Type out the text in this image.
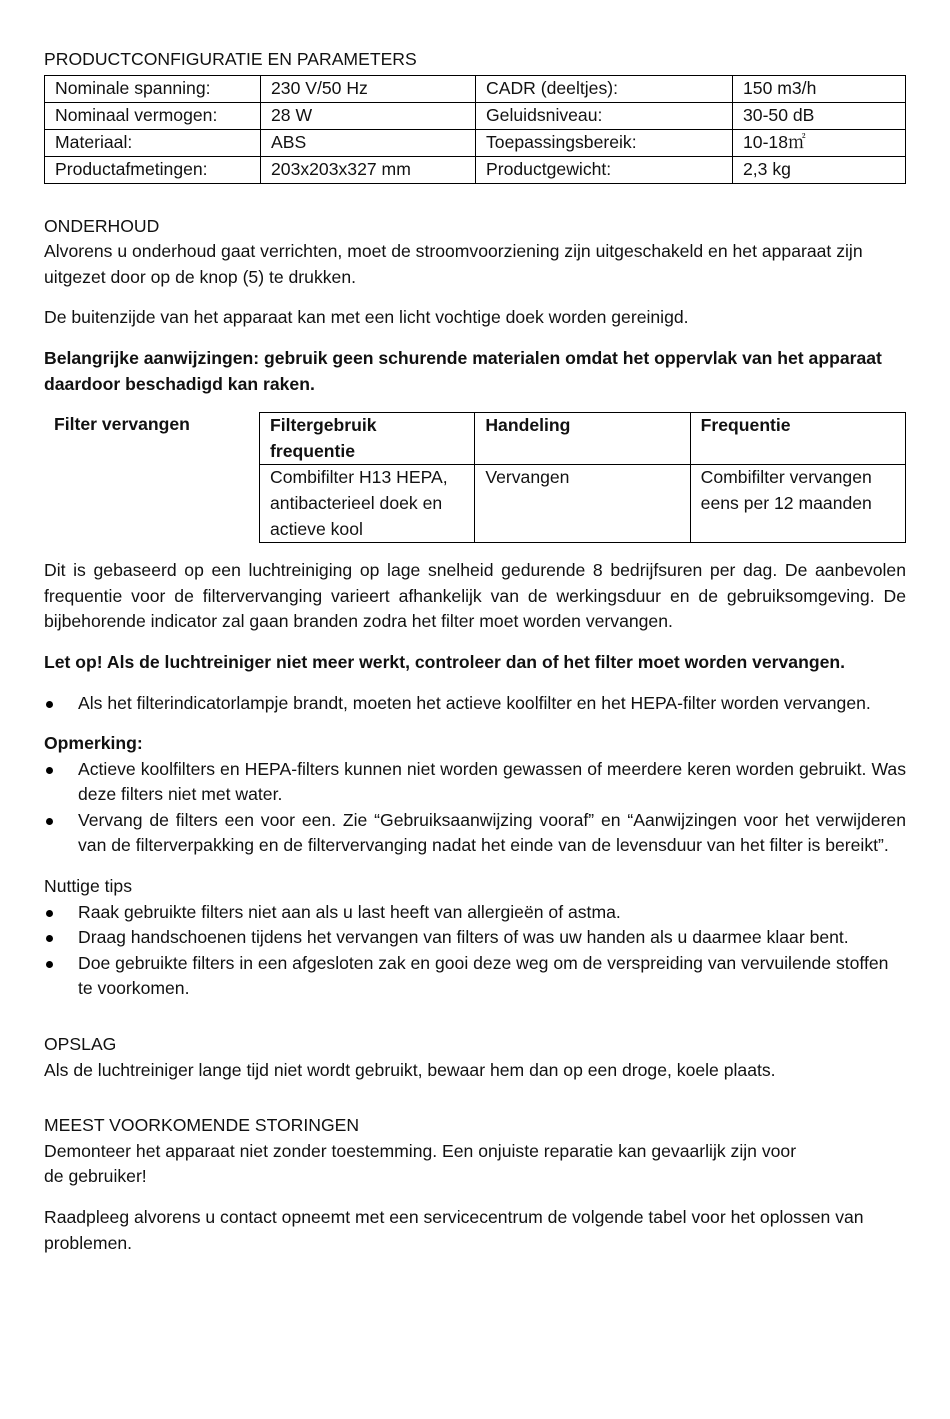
PRODUCTCONFIGURATIE EN PARAMETERS

Nominale spanning:	230 V/50 Hz	CADR (deeltjes):	150 m3/h
Nominaal vermogen:	28 W	Geluidsniveau:	30-50 dB
Materiaal:	ABS	Toepassingsbereik:	10-18㎡
Productafmetingen:	203x203x327 mm	Productgewicht:	2,3 kg

ONDERHOUD

Alvorens u onderhoud gaat verrichten, moet de stroomvoorziening zijn uitgeschakeld en het apparaat zijn uitgezet door op de knop (5) te drukken.

De buitenzijde van het apparaat kan met een licht vochtige doek worden gereinigd.

Belangrijke aanwijzingen: gebruik geen schurende materialen omdat het oppervlak van het apparaat daardoor beschadigd kan raken.

Filter vervangen	Filtergebruik frequentie	Handeling	Frequentie
Combifilter H13 HEPA, antibacterieel doek en actieve kool	Vervangen	Combifilter vervangen eens per 12 maanden

Dit is gebaseerd op een luchtreiniging op lage snelheid gedurende 8 bedrijfsuren per dag. De aanbevolen frequentie voor de filtervervanging varieert afhankelijk van de werkingsduur en de gebruiksomgeving. De bijbehorende indicator zal gaan branden zodra het filter moet worden vervangen.

Let op! Als de luchtreiniger niet meer werkt, controleer dan of het filter moet worden vervangen.

Als het filterindicatorlampje brandt, moeten het actieve koolfilter en het HEPA-filter worden vervangen.

Opmerking:

Actieve koolfilters en HEPA-filters kunnen niet worden gewassen of meerdere keren worden gebruikt. Was deze filters niet met water.
Vervang de filters een voor een. Zie “Gebruiksaanwijzing vooraf” en “Aanwijzingen voor het verwijderen van de filterverpakking en de filtervervanging nadat het einde van de levensduur van het filter is bereikt”.

Nuttige tips

Raak gebruikte filters niet aan als u last heeft van allergieën of astma.
Draag handschoenen tijdens het vervangen van filters of was uw handen als u daarmee klaar bent.
Doe gebruikte filters in een afgesloten zak en gooi deze weg om de verspreiding van vervuilende stoffen te voorkomen.

OPSLAG

Als de luchtreiniger lange tijd niet wordt gebruikt, bewaar hem dan op een droge, koele plaats.

MEEST VOORKOMENDE STORINGEN

Demonteer het apparaat niet zonder toestemming. Een onjuiste reparatie kan gevaarlijk zijn voor
de gebruiker!

Raadpleeg alvorens u contact opneemt met een servicecentrum de volgende tabel voor het oplossen van problemen.
